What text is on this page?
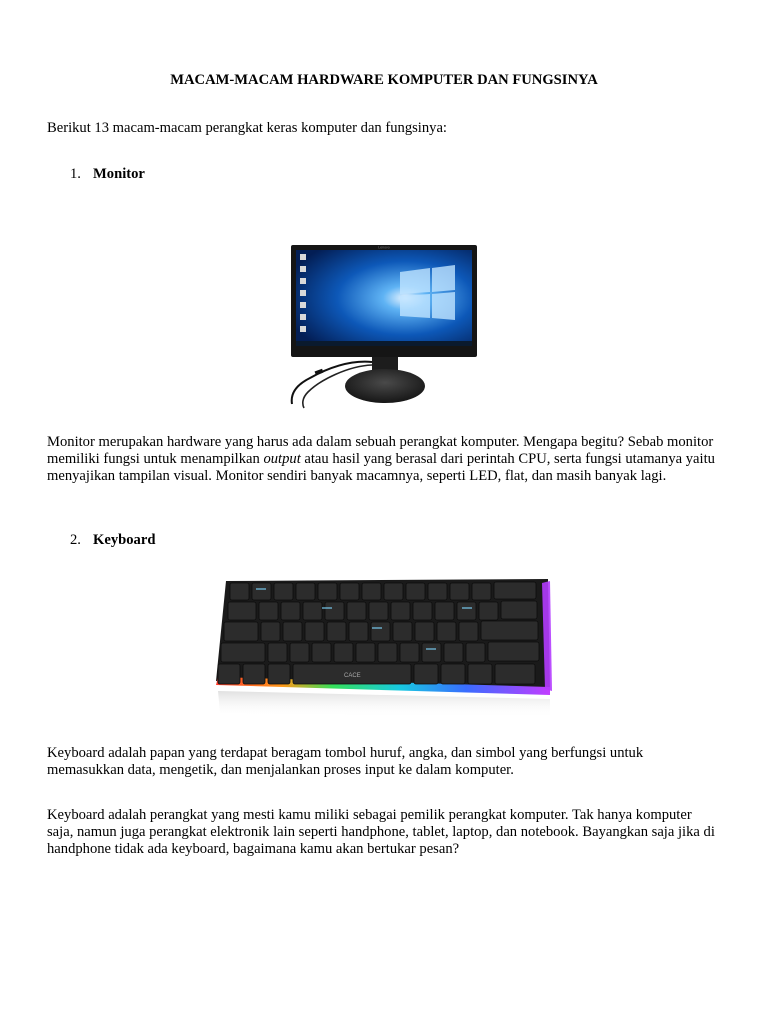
MACAM-MACAM HARDWARE KOMPUTER DAN FUNGSINYA
Berikut 13 macam-macam perangkat keras komputer dan fungsinya:
1. Monitor
Lenovo
Monitor merupakan hardware yang harus ada dalam sebuah perangkat komputer. Mengapa begitu? Sebab monitor memiliki fungsi untuk menampilkan output atau hasil yang berasal dari perintah CPU, serta fungsi utamanya yaitu menyajikan tampilan visual. Monitor sendiri banyak macamnya, seperti LED, flat, dan masih banyak lagi.
2. Keyboard
CACE
Keyboard adalah papan yang terdapat beragam tombol huruf, angka, dan simbol yang berfungsi untuk memasukkan data, mengetik, dan menjalankan proses input ke dalam komputer.
Keyboard adalah perangkat yang mesti kamu miliki sebagai pemilik perangkat komputer. Tak hanya komputer saja, namun juga perangkat elektronik lain seperti handphone, tablet, laptop, dan notebook. Bayangkan saja jika di handphone tidak ada keyboard, bagaimana kamu akan bertukar pesan?
